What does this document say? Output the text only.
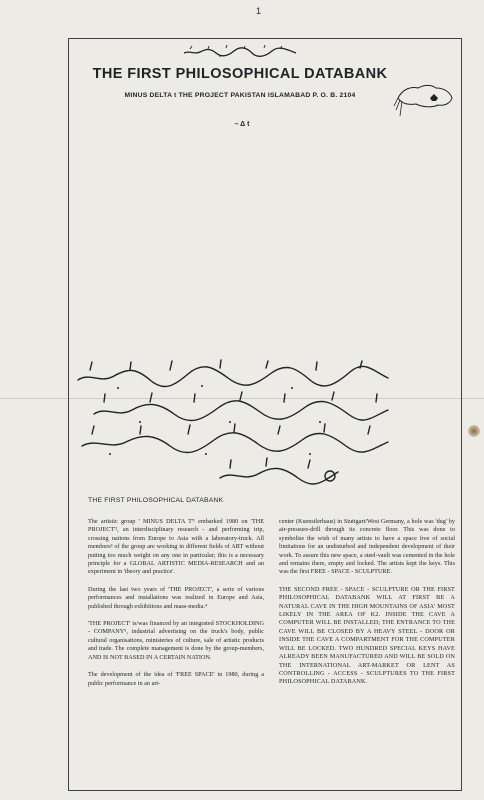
1
THE FIRST PHILOSOPHICAL DATABANK
MINUS DELTA t THE PROJECT PAKISTAN ISLAMABAD P. O. B. 2104
– Δ t
THE FIRST PHILOSOPHICAL DATABANK

The artistic group ' MINUS DELTA T'¹ embarked 1980 on 'THE PROJECT'², an interdisciplinary research - and performing trip, crossing nations from Europe to Asia with a laboratory-truck. All members³ of the group are working in different fields of ART without putting too much weight on any one in particular; this is a necessary principle for a GLOBAL ARTISTIC MEDIA-RESEARCH and an experiment in 'theory and practice'.

During the last two years of 'THE PROJECT', a serie of various performances and installations was realized in Europe and Asia, published through exhibitions and mass-media.⁴

'THE PROJECT' is/was financed by an integrated STOCKHOLDING - COMPANY⁵, industrial advertising on the truck's body, public cultural organisations, ministeries of culture, sale of artistic products and trade. The complete management is done by the group-members, AND IS NOT BASED IN A CERTAIN NATION.

The development of the idea of 'FREE SPACE' in 1980, during a public performance in an art-

center (Kuenstlerhaus) in Stuttgart/West Germany, a hole was 'dug' by air-pressure-drill through its concrete floor. This was done to symbolise the wish of many artists to have a space free of social limitations for an undisturbed and independent development of their work. To assure this new space, a steel-vault was cemented in the hole and remains there, empty and locked. The artists kept the keys. This was the first FREE - SPACE - SCULPTURE.

THE SECOND FREE - SPACE - SCULPTURE OR THE FIRST PHILOSOPHICAL DATABANK WILL AT FIRST BE A NATURAL CAVE IN THE HIGH MOUNTAINS OF ASIA' MOST LIKELY IN THE AREA OF K2. INSIDE THE CAVE A COMPUTER WILL BE INSTALLED; THE ENTRANCE TO THE CAVE WILL BE CLOSED BY A HEAVY STEEL - DOOR OR INSIDE THE CAVE A COMPARTMENT FOR THE COMPUTER WILL BE LOCKED. TWO HUNDRED SPECIAL KEYS HAVE ALREADY BEEN MANUFACTURED AND WILL BE SOLD ON THE INTERNATIONAL ART-MARKET OR LENT AS CONTROLLING - ACCESS - SCULPTURES TO THE FIRST PHILOSOPHICAL DATABANK.
